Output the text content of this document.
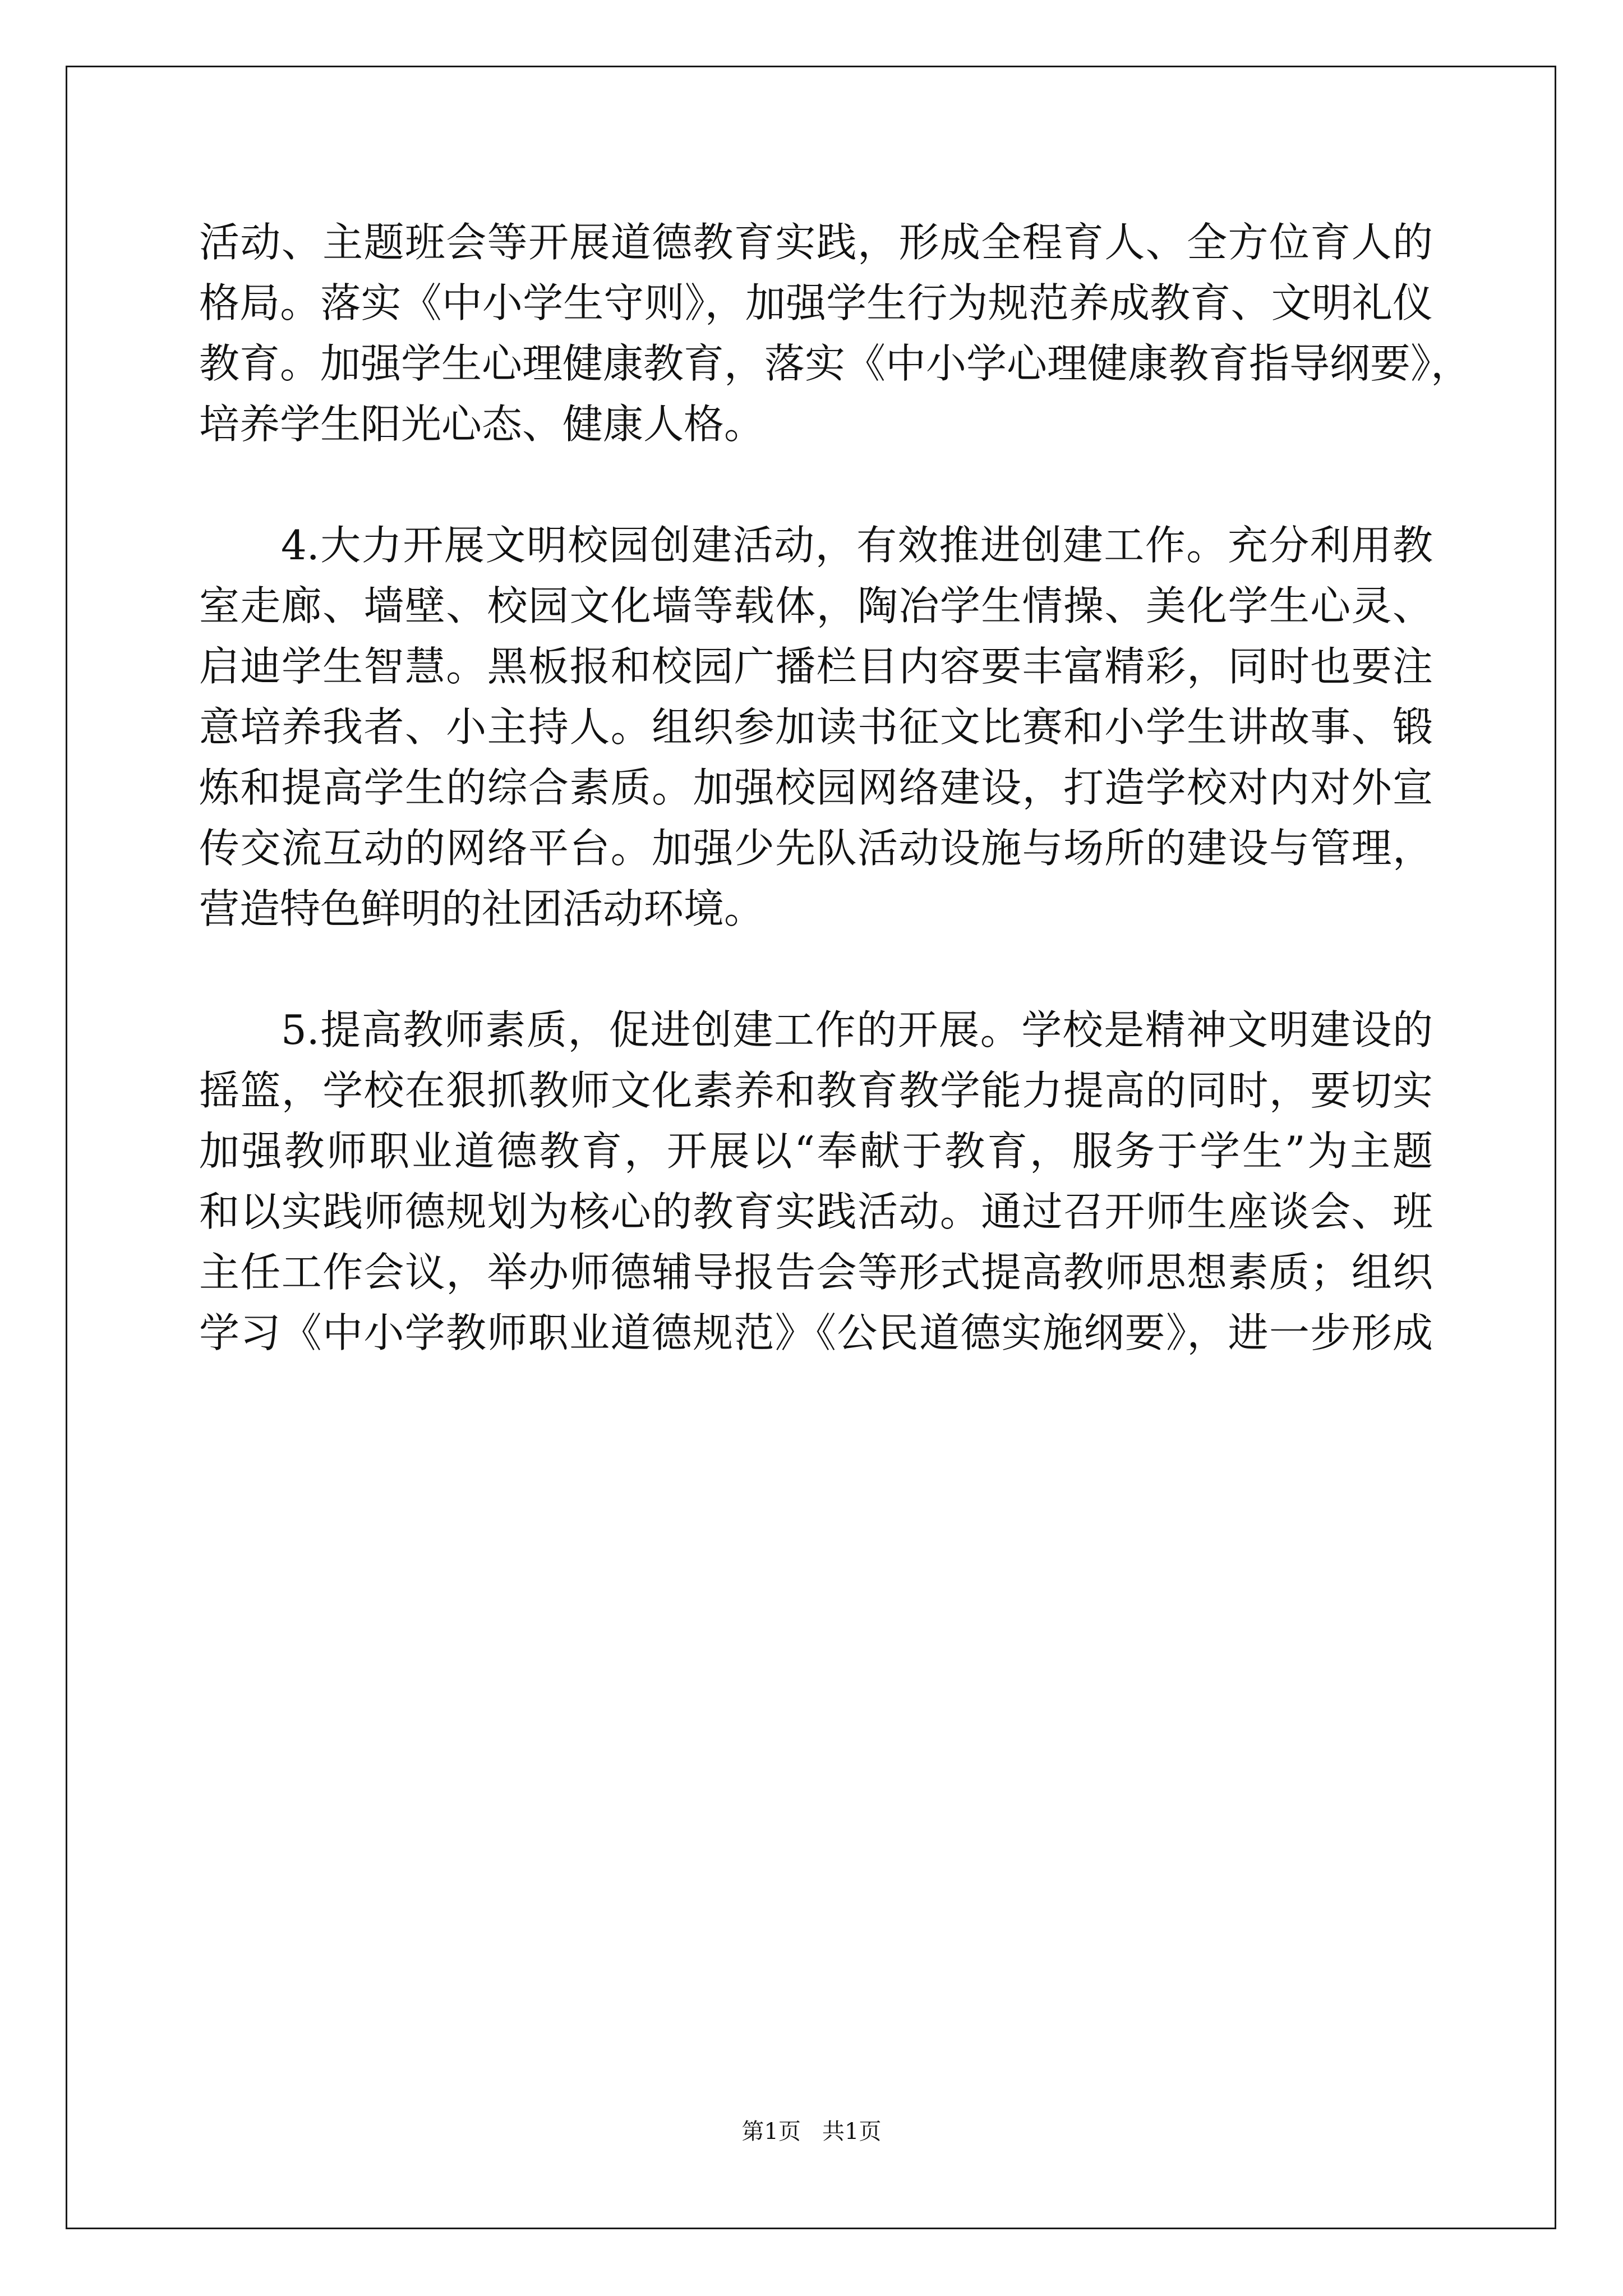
活动、主题班会等开展道德教育实践，形成全程育人、全方位育人的

格局。落实《中小学生守则》，加强学生行为规范养成教育、文明礼仪

教育。加强学生心理健康教育，落实《中小学心理健康教育指导纲要》，

培养学生阳光心态、健康人格。

4.大力开展文明校园创建活动，有效推进创建工作。充分利用教

室走廊、墙壁、校园文化墙等载体，陶冶学生情操、美化学生心灵、

启迪学生智慧。黑板报和校园广播栏目内容要丰富精彩，同时也要注

意培养我者、小主持人。组织参加读书征文比赛和小学生讲故事、锻

炼和提高学生的综合素质。加强校园网络建设，打造学校对内对外宣

传交流互动的网络平台。加强少先队活动设施与场所的建设与管理，

营造特色鲜明的社团活动环境。

5.提高教师素质，促进创建工作的开展。学校是精神文明建设的

摇篮，学校在狠抓教师文化素养和教育教学能力提高的同时，要切实

加强教师职业道德教育，开展以“奉献于教育，服务于学生”为主题

和以实践师德规划为核心的教育实践活动。通过召开师生座谈会、班

主任工作会议，举办师德辅导报告会等形式提高教师思想素质；组织

学习《中小学教师职业道德规范》《公民道德实施纲要》，进一步形成

第1页 共1页
